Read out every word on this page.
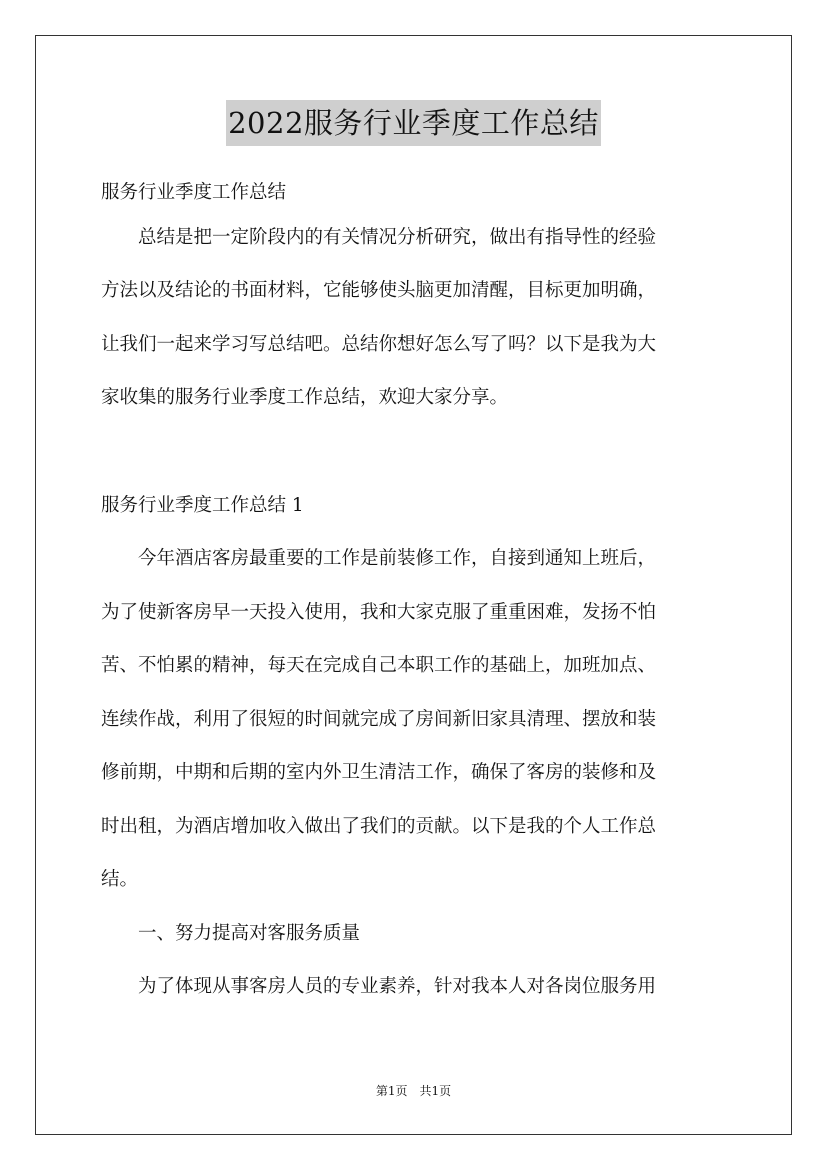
2022服务行业季度工作总结
服务行业季度工作总结
　　总结是把一定阶段内的有关情况分析研究，做出有指导性的经验
方法以及结论的书面材料，它能够使头脑更加清醒，目标更加明确，
让我们一起来学习写总结吧。总结你想好怎么写了吗？以下是我为大
家收集的服务行业季度工作总结，欢迎大家分享。
服务行业季度工作总结 1
　　今年酒店客房最重要的工作是前装修工作，自接到通知上班后，
为了使新客房早一天投入使用，我和大家克服了重重困难，发扬不怕
苦、不怕累的精神，每天在完成自己本职工作的基础上，加班加点、
连续作战，利用了很短的时间就完成了房间新旧家具清理、摆放和装
修前期，中期和后期的室内外卫生清洁工作，确保了客房的装修和及
时出租，为酒店增加收入做出了我们的贡献。以下是我的个人工作总
结。
　　一、努力提高对客服务质量
　　为了体现从事客房人员的专业素养，针对我本人对各岗位服务用
第1页　共1页
